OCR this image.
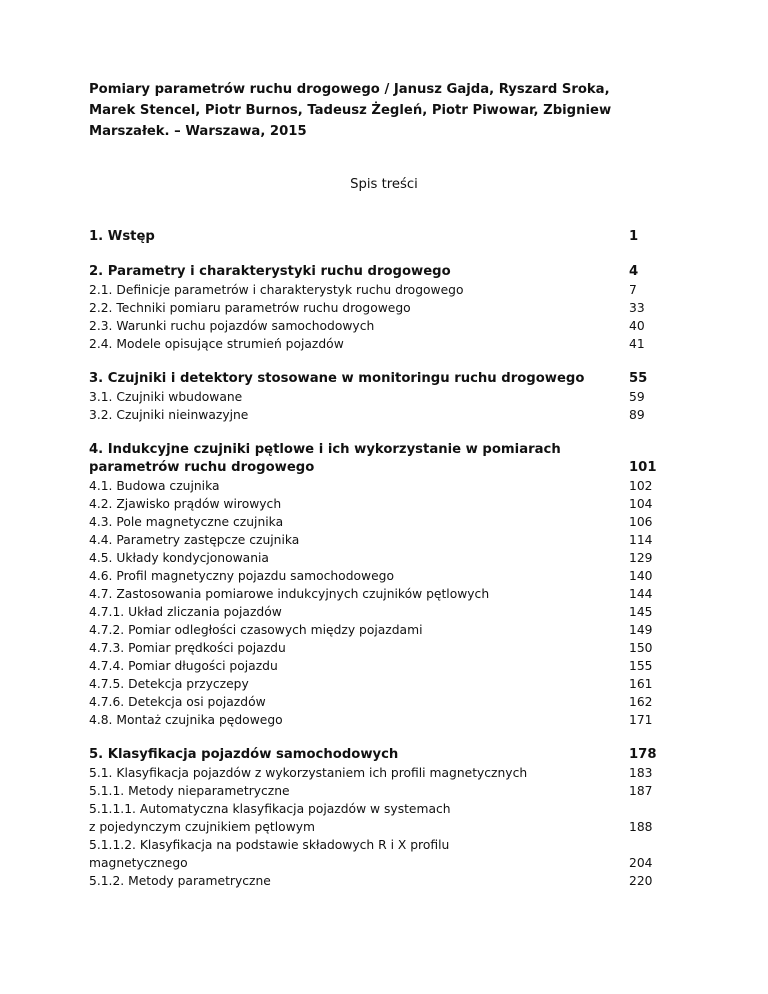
Pomiary parametrów ruchu drogowego / Janusz Gajda, Ryszard Sroka,
Marek Stencel, Piotr Burnos, Tadeusz Żegleń, Piotr Piwowar, Zbigniew
Marszałek. – Warszawa, 2015
Spis treści
1. Wstęp	1
2. Parametry i charakterystyki ruchu drogowego	4
2.1. Definicje parametrów i charakterystyk ruchu drogowego	7
2.2. Techniki pomiaru parametrów ruchu drogowego	33
2.3. Warunki ruchu pojazdów samochodowych	40
2.4. Modele opisujące strumień pojazdów	41
3. Czujniki i detektory stosowane w monitoringu ruchu drogowego	55
3.1. Czujniki wbudowane	59
3.2. Czujniki nieinwazyjne	89
4. Indukcyjne czujniki pętlowe i ich wykorzystanie w pomiarach
parametrów ruchu drogowego	101
4.1. Budowa czujnika	102
4.2. Zjawisko prądów wirowych	104
4.3. Pole magnetyczne czujnika	106
4.4. Parametry zastępcze czujnika	114
4.5. Układy kondycjonowania	129
4.6. Profil magnetyczny pojazdu samochodowego	140
4.7. Zastosowania pomiarowe indukcyjnych czujników pętlowych	144
4.7.1. Układ zliczania pojazdów	145
4.7.2. Pomiar odległości czasowych między pojazdami	149
4.7.3. Pomiar prędkości pojazdu	150
4.7.4. Pomiar długości pojazdu	155
4.7.5. Detekcja przyczepy	161
4.7.6. Detekcja osi pojazdów	162
4.8. Montaż czujnika pędowego	171
5. Klasyfikacja pojazdów samochodowych	178
5.1. Klasyfikacja pojazdów z wykorzystaniem ich profili magnetycznych	183
5.1.1. Metody nieparametryczne	187
5.1.1.1. Automatyczna klasyfikacja pojazdów w systemach
z pojedynczym czujnikiem pętlowym	188
5.1.1.2. Klasyfikacja na podstawie składowych R i X profilu
magnetycznego	204
5.1.2. Metody parametryczne	220
